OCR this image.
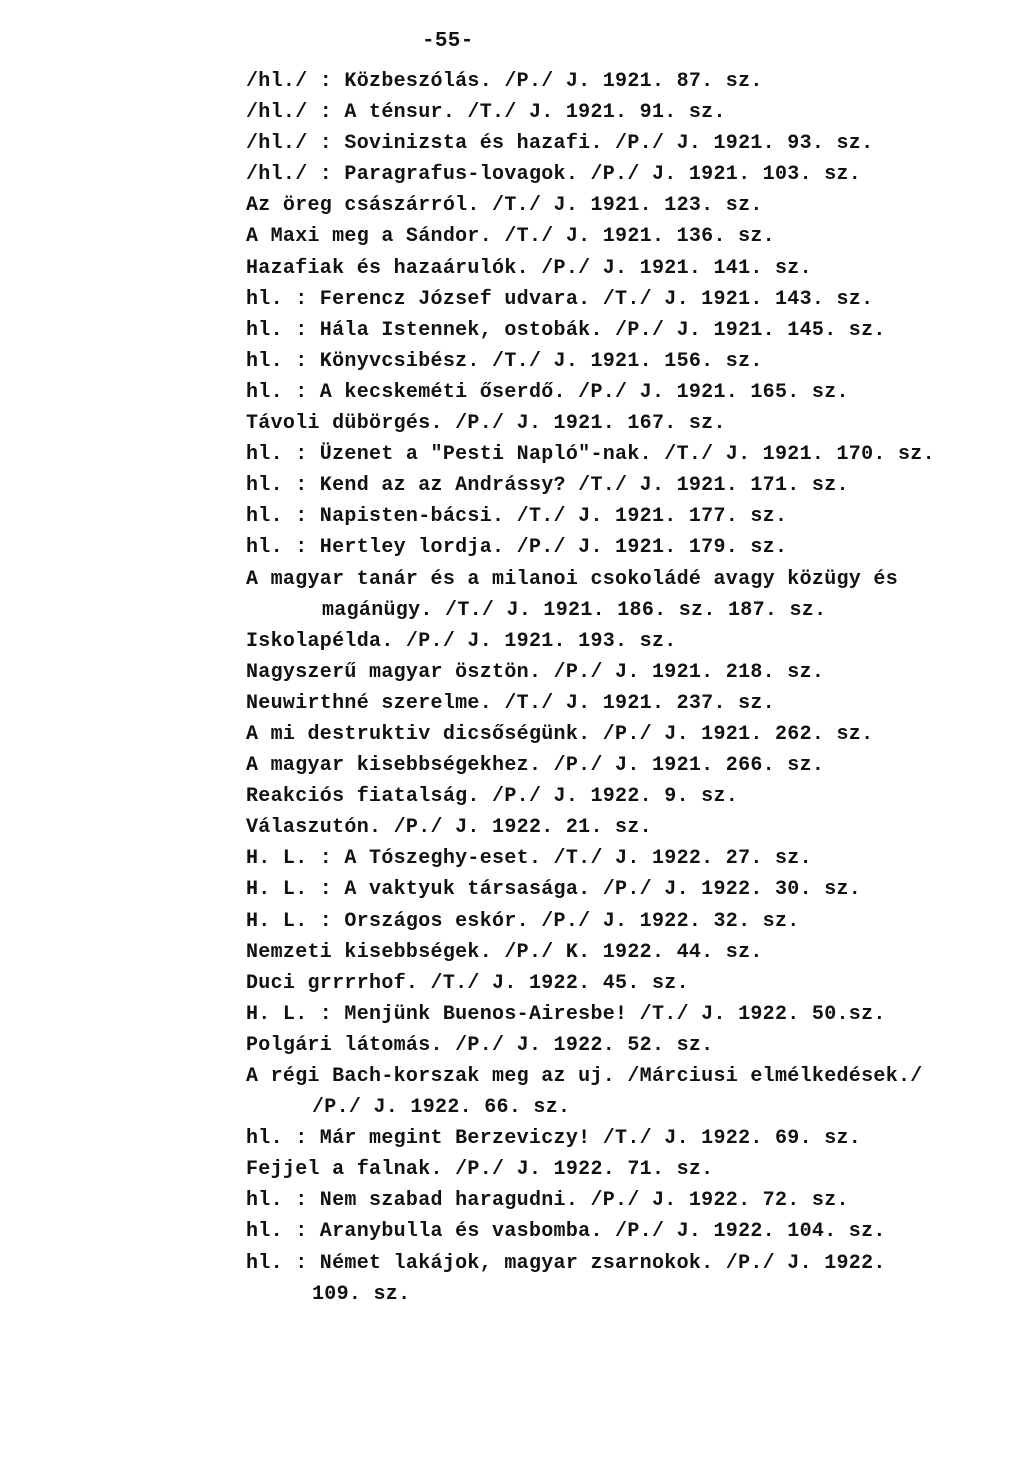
-55-
/hl./ : Közbeszólás. /P./ J. 1921. 87. sz.
/hl./ : A ténsur. /T./ J. 1921. 91. sz.
/hl./ : Sovinizsta és hazafi. /P./ J. 1921. 93. sz.
/hl./ : Paragrafus-lovagok. /P./ J. 1921. 103. sz.
Az öreg császárról. /T./ J. 1921. 123. sz.
A Maxi meg a Sándor. /T./ J. 1921. 136. sz.
Hazafiak és hazaárulók. /P./ J. 1921. 141. sz.
hl. : Ferencz József udvara. /T./ J. 1921. 143. sz.
hl. : Hála Istennek, ostobák. /P./ J. 1921. 145. sz.
hl. : Könyvcsibész. /T./ J. 1921. 156. sz.
hl. : A kecskeméti őserdő. /P./ J. 1921. 165. sz.
Távoli dübörgés. /P./ J. 1921. 167. sz.
hl. : Üzenet a "Pesti Napló"-nak. /T./ J. 1921. 170. sz.
hl. : Kend az az Andrássy? /T./ J. 1921. 171. sz.
hl. : Napisten-bácsi. /T./ J. 1921. 177. sz.
hl. : Hertley lordja. /P./ J. 1921. 179. sz.
A magyar tanár és a milanoi csokoládé avagy közügy és
magánügy. /T./ J. 1921. 186. sz. 187. sz.
Iskolapélda. /P./ J. 1921. 193. sz.
Nagyszerű magyar ösztön. /P./ J. 1921. 218. sz.
Neuwirthné szerelme. /T./ J. 1921. 237. sz.
A mi destruktiv dicsőségünk. /P./ J. 1921. 262. sz.
A magyar kisebbségekhez. /P./ J. 1921. 266. sz.
Reakciós fiatalság. /P./ J. 1922. 9. sz.
Válaszutón. /P./ J. 1922. 21. sz.
H. L. : A Tószeghy-eset. /T./ J. 1922. 27. sz.
H. L. : A vaktyuk társasága. /P./ J. 1922. 30. sz.
H. L. : Országos eskór. /P./ J. 1922. 32. sz.
Nemzeti kisebbségek. /P./ K. 1922. 44. sz.
Duci grrrrhof. /T./ J. 1922. 45. sz.
H. L. : Menjünk Buenos-Airesbe! /T./ J. 1922. 50.sz.
Polgári látomás. /P./ J. 1922. 52. sz.
A régi Bach-korszak meg az uj. /Márciusi elmélkedések./
/P./ J. 1922. 66. sz.
hl. : Már megint Berzeviczy! /T./ J. 1922. 69. sz.
Fejjel a falnak. /P./ J. 1922. 71. sz.
hl. : Nem szabad haragudni. /P./ J. 1922. 72. sz.
hl. : Aranybulla és vasbomba. /P./ J. 1922. 104. sz.
hl. : Német lakájok, magyar zsarnokok. /P./ J. 1922.
109. sz.
